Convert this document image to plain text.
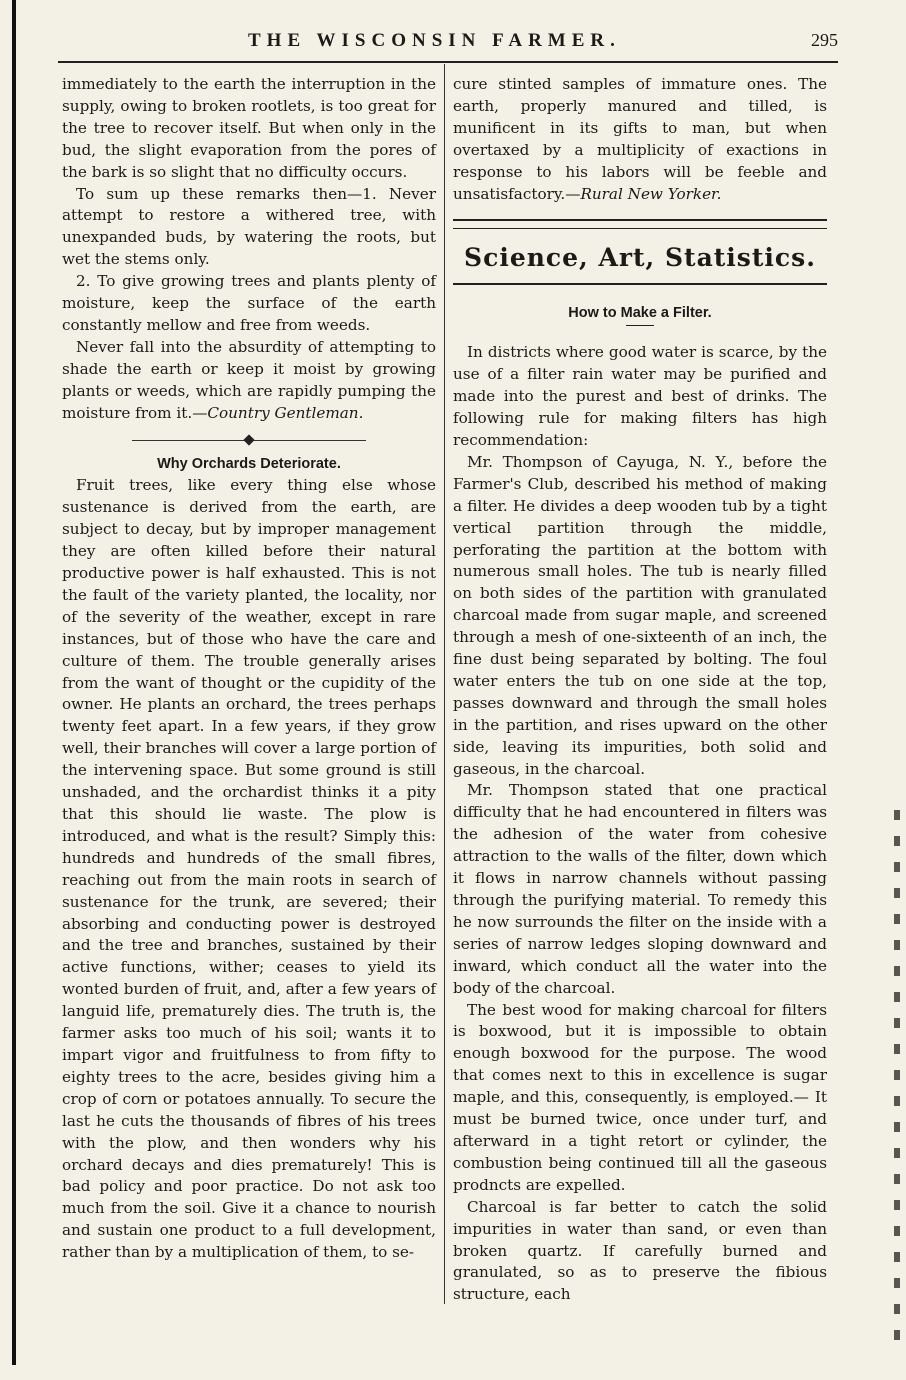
THE WISCONSIN FARMER.	295

immediately to the earth the interruption in the supply, owing to broken rootlets, is too great for the tree to recover itself. But when only in the bud, the slight evaporation from the pores of the bark is so slight that no difficulty occurs.

To sum up these remarks then—1. Never attempt to restore a withered tree, with unexpanded buds, by watering the roots, but wet the stems only.

2. To give growing trees and plants plenty of moisture, keep the surface of the earth constantly mellow and free from weeds.

Never fall into the absurdity of attempting to shade the earth or keep it moist by growing plants or weeds, which are rapidly pumping the moisture from it.—Country Gentleman.

Why Orchards Deteriorate.

Fruit trees, like every thing else whose sustenance is derived from the earth, are subject to decay, but by improper management they are often killed before their natural productive power is half exhausted. This is not the fault of the variety planted, the locality, nor of the severity of the weather, except in rare instances, but of those who have the care and culture of them. The trouble generally arises from the want of thought or the cupidity of the owner. He plants an orchard, the trees perhaps twenty feet apart. In a few years, if they grow well, their branches will cover a large portion of the intervening space. But some ground is still unshaded, and the orchardist thinks it a pity that this should lie waste. The plow is introduced, and what is the result? Simply this: hundreds and hundreds of the small fibres, reaching out from the main roots in search of sustenance for the trunk, are severed; their absorbing and conducting power is destroyed and the tree and branches, sustained by their active functions, wither; ceases to yield its wonted burden of fruit, and, after a few years of languid life, prematurely dies. The truth is, the farmer asks too much of his soil; wants it to impart vigor and fruitfulness to from fifty to eighty trees to the acre, besides giving him a crop of corn or potatoes annually. To secure the last he cuts the thousands of fibres of his trees with the plow, and then wonders why his orchard decays and dies prematurely! This is bad policy and poor practice. Do not ask too much from the soil. Give it a chance to nourish and sustain one product to a full development, rather than by a multiplication of them, to se-

cure stinted samples of immature ones. The earth, properly manured and tilled, is munificent in its gifts to man, but when overtaxed by a multiplicity of exactions in response to his labors will be feeble and unsatisfactory.—Rural New Yorker.

Science, Art, Statistics.

How to Make a Filter.

In districts where good water is scarce, by the use of a filter rain water may be purified and made into the purest and best of drinks. The following rule for making filters has high recommendation:

Mr. Thompson of Cayuga, N. Y., before the Farmer's Club, described his method of making a filter. He divides a deep wooden tub by a tight vertical partition through the middle, perforating the partition at the bottom with numerous small holes. The tub is nearly filled on both sides of the partition with granulated charcoal made from sugar maple, and screened through a mesh of one-sixteenth of an inch, the fine dust being separated by bolting. The foul water enters the tub on one side at the top, passes downward and through the small holes in the partition, and rises upward on the other side, leaving its impurities, both solid and gaseous, in the charcoal.

Mr. Thompson stated that one practical difficulty that he had encountered in filters was the adhesion of the water from cohesive attraction to the walls of the filter, down which it flows in narrow channels without passing through the purifying material. To remedy this he now surrounds the filter on the inside with a series of narrow ledges sloping downward and inward, which conduct all the water into the body of the charcoal.

The best wood for making charcoal for filters is boxwood, but it is impossible to obtain enough boxwood for the purpose. The wood that comes next to this in excellence is sugar maple, and this, consequently, is employed.— It must be burned twice, once under turf, and afterward in a tight retort or cylinder, the combustion being continued till all the gaseous prodncts are expelled.

Charcoal is far better to catch the solid impurities in water than sand, or even than broken quartz. If carefully burned and granulated, so as to preserve the fibious structure, each
